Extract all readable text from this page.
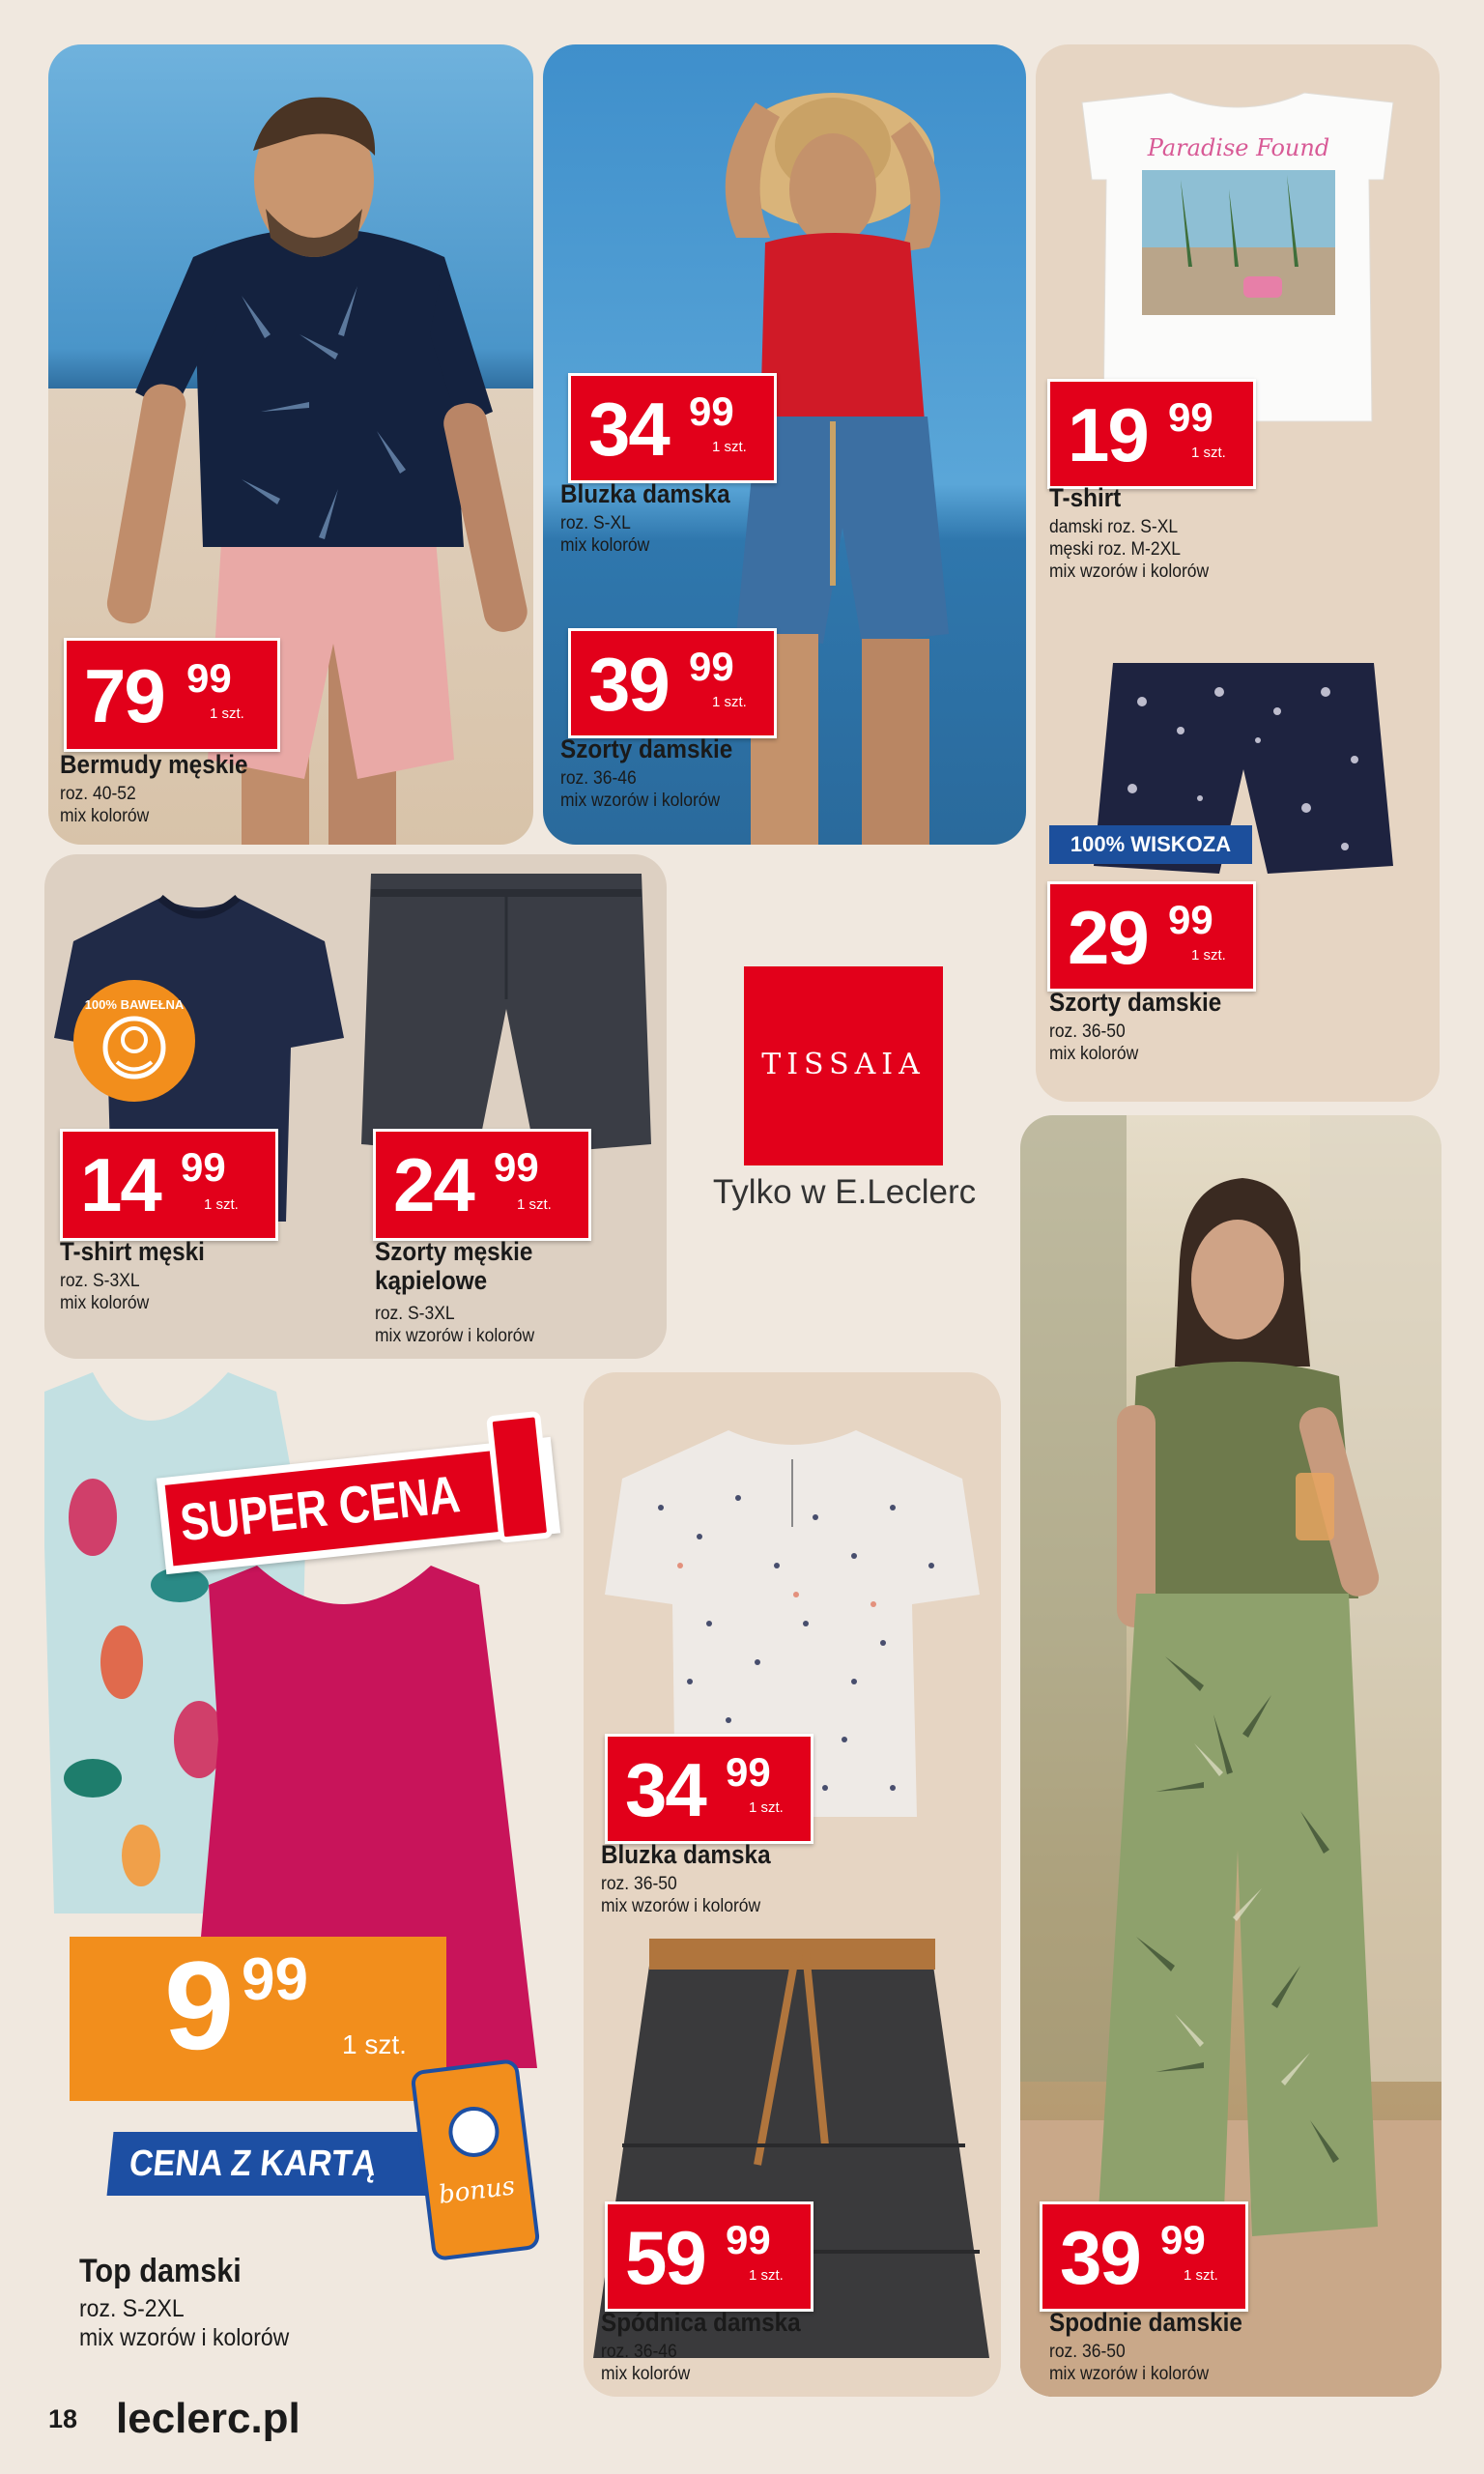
79 99
1 szt.
Bermudy męskie
roz. 40-52
mix kolorów
34 99
1 szt.
Bluzka damska
roz. S-XL
mix kolorów
39 99
1 szt.
Szorty damskie
roz. 36-46
mix wzorów i kolorów
Paradise Found
19 99
1 szt.
T-shirt
damski roz. S-XL
męski roz. M-2XL
mix wzorów i kolorów
100% WISKOZA
29 99
1 szt.
Szorty damskie
roz. 36-50
mix kolorów
100% BAWEŁNA
14 99
1 szt.
T-shirt męski
roz. S-3XL
mix kolorów
24 99
1 szt.
Szorty męskie
kąpielowe
roz. S-3XL
mix wzorów i kolorów
TISSAIA
Tylko w E.Leclerc
SUPER CENA
9 99
1 szt.
CENA Z KARTĄ
bonus
Top damski
roz. S-2XL
mix wzorów i kolorów
34 99
1 szt.
Bluzka damska
roz. 36-50
mix wzorów i kolorów
59 99
1 szt.
Spódnica damska
roz. 36-46
mix kolorów
39 99
1 szt.
Spodnie damskie
roz. 36-50
mix wzorów i kolorów
18 leclerc.pl
